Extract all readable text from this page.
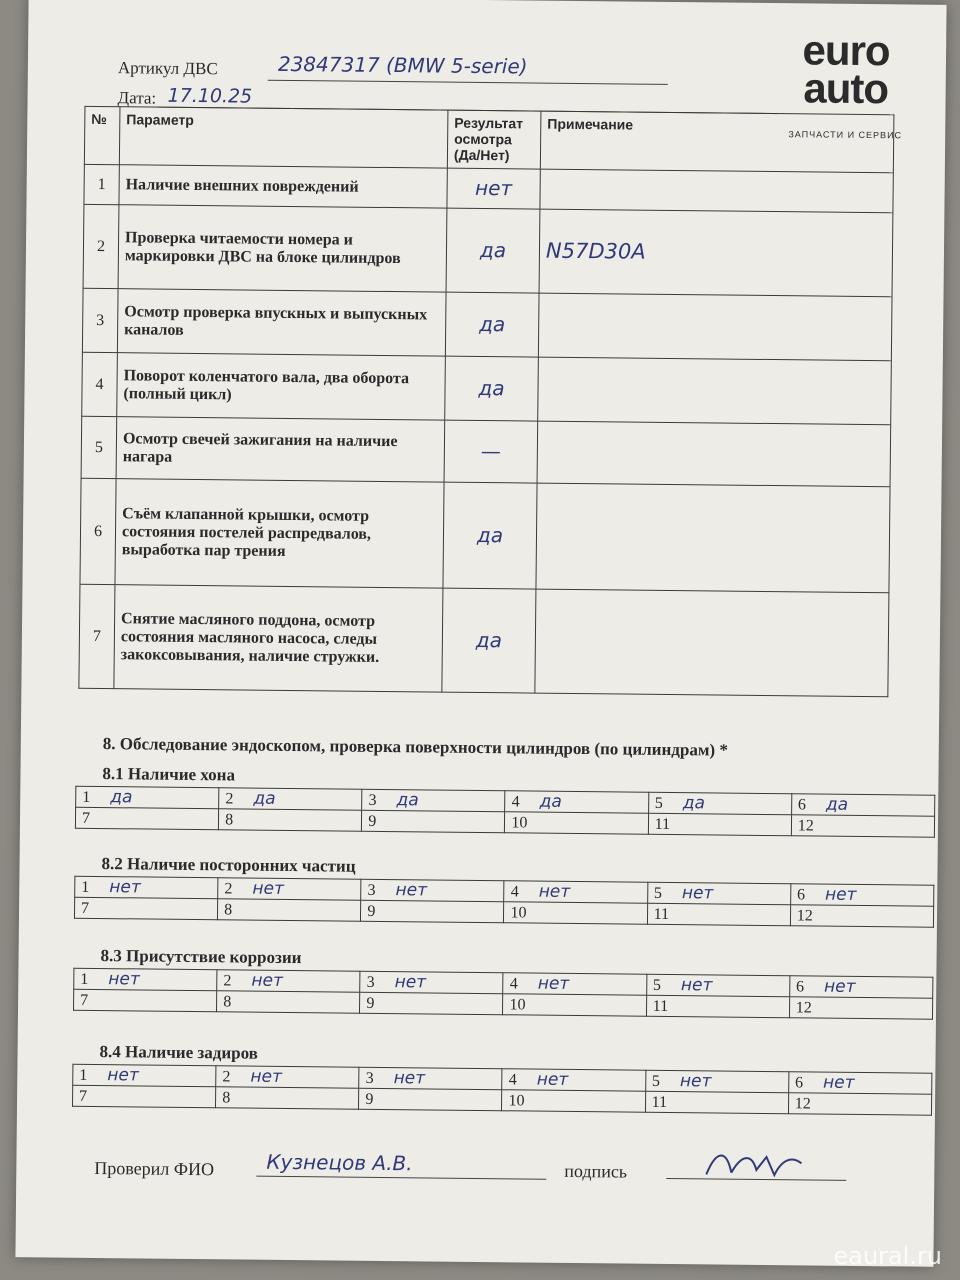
euro
auto
ЗАПЧАСТИ И СЕРВИС
Артикул ДВС	23847317 (BMW 5-serie)
Дата: 17.10.25
№	Параметр	Результат осмотра (Да/Нет)	Примечание
1	Наличие внешних повреждений	нет	
2	Проверка читаемости номера и маркировки ДВС на блоке цилиндров	да	N57D30A
3	Осмотр проверка впускных и выпускных каналов	да	
4	Поворот коленчатого вала, два оборота (полный цикл)	да	
5	Осмотр свечей зажигания на наличие нагара	—	
6	Съём клапанной крышки, осмотр состояния постелей распредвалов, выработка пар трения	да	
7	Снятие масляного поддона, осмотр состояния масляного насоса, следы закоксовывания, наличие стружки.	да	
8. Обследование эндоскопом, проверка поверхности цилиндров (по цилиндрам) *
8.1 Наличие хона
1 да	2 да	3 да	4 да	5 да	6 да
7	8	9	10	11	12
8.2 Наличие посторонних частиц
1 нет	2 нет	3 нет	4 нет	5 нет	6 нет
7	8	9	10	11	12
8.3 Присутствие коррозии
1 нет	2 нет	3 нет	4 нет	5 нет	6 нет
7	8	9	10	11	12
8.4 Наличие задиров
1 нет	2 нет	3 нет	4 нет	5 нет	6 нет
7	8	9	10	11	12
Проверил ФИО	Кузнецов А.В.	подпись
eaural.ru
